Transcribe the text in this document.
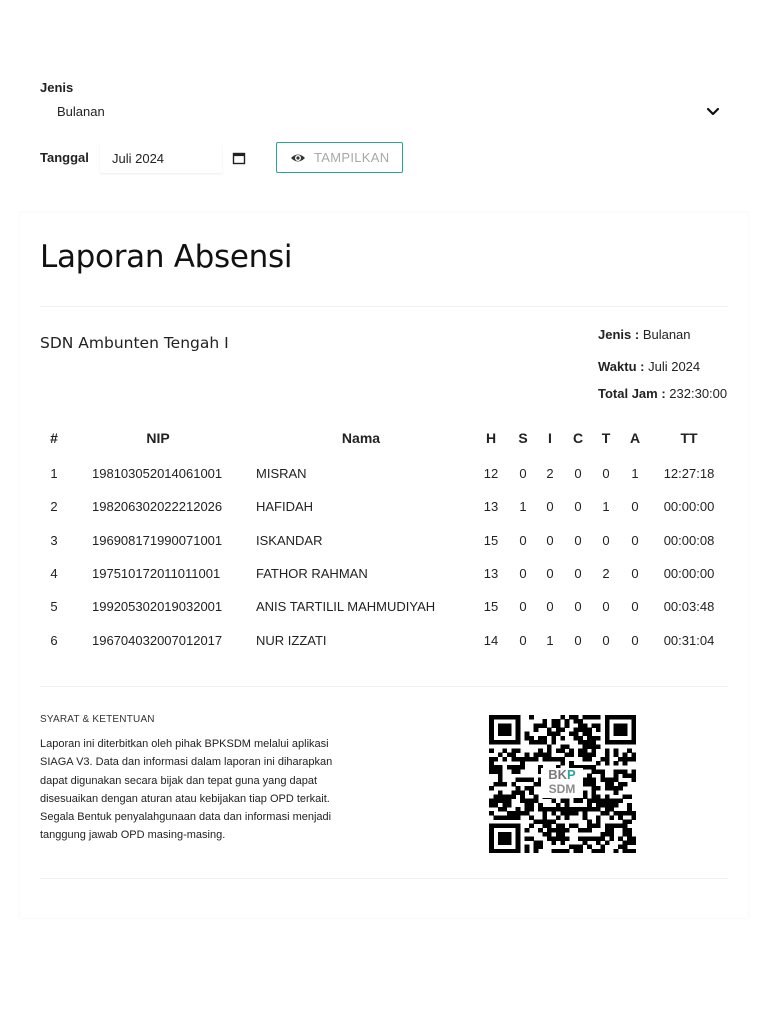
Jenis
Bulanan
Tanggal Juli 2024	TAMPILKAN
Laporan Absensi
SDN Ambunten Tengah I	Jenis : Bulanan
Waktu : Juli 2024
Total Jam : 232:30:00
#	NIP	Nama	H S I C T A	TT
1	198103052014061001	MISRAN	12 0 2 0 0 1 12:27:18
2	198206302022212026	HAFIDAH	13 1 0 0 1 0 00:00:00
3	196908171990071001	ISKANDAR	15 0 0 0 0 0 00:00:08
4	197510172011011001	FATHOR RAHMAN	13 0 0 0 2 0 00:00:00
5	199205302019032001	ANIS TARTILIL MAHMUDIYAH	15 0 0 0 0 0 00:03:48
6	196704032007012017	NUR IZZATI	14 0 1 0 0 0 00:31:04
SYARAT & KETENTUAN
Laporan ini diterbitkan oleh pihak BPKSDM melalui aplikasi SIAGA V3. Data dan informasi dalam laporan ini diharapkan dapat digunakan secara bijak dan tepat guna yang dapat disesuaikan dengan aturan atau kebijakan tiap OPD terkait. Segala Bentuk penyalahgunaan data dan informasi menjadi tanggung jawab OPD masing-masing.
BKP
SDM
